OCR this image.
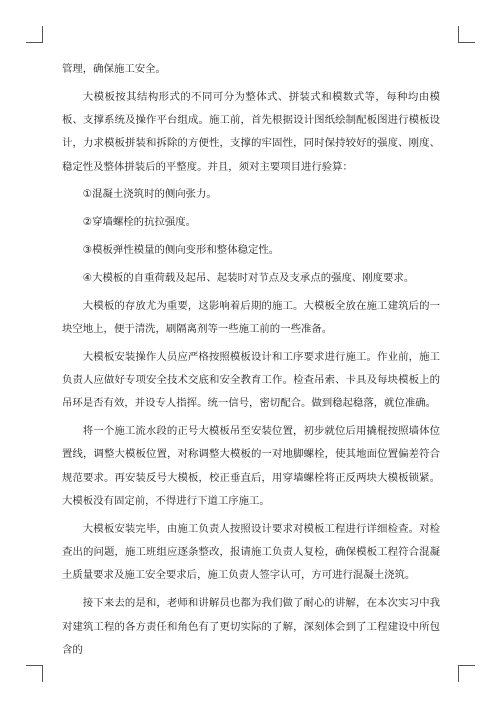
管理，确保施工安全。

大模板按其结构形式的不同可分为整体式、拼装式和模数式等，每种均由模板、支撑系统及操作平台组成。施工前，首先根据设计图纸绘制配板图进行模板设计，力求模板拼装和拆除的方便性，支撑的牢固性，同时保持较好的强度、刚度、稳定性及整体拼装后的平整度。并且，须对主要项目进行验算：

①混凝土浇筑时的侧向张力。

②穿墙螺栓的抗拉强度。

③模板弹性模量的侧向变形和整体稳定性。

④大模板的自重荷载及起吊、起装时对节点及支承点的强度、刚度要求。

大模板的存放尤为重要，这影响着后期的施工。大模板全放在施工建筑后的一块空地上，便于清洗，刷隔离剂等一些施工前的一些准备。

大模板安装操作人员应严格按照模板设计和工序要求进行施工。作业前，施工负责人应做好专项安全技术交底和安全教育工作。检查吊索、卡具及每块模板上的吊环是否有效，并设专人指挥。统一信号，密切配合。做到稳起稳落，就位准确。

将一个施工流水段的正号大模板吊至安装位置，初步就位后用撬棍按照墙体位置线，调整大模板位置，对称调整大模板的一对地脚螺栓，使其地面位置偏差符合规范要求。再安装反号大模板，校正垂直后，用穿墙螺栓将正反两块大模板锁紧。大模板没有固定前，不得进行下道工序施工。

大模板安装完毕，由施工负责人按照设计要求对模板工程进行详细检查。对检查出的问题，施工班组应逐条整改，报请施工负责人复检，确保模板工程符合混凝土质量要求及施工安全要求后，施工负责人签字认可，方可进行混凝土浇筑。

接下来去的是和，老师和讲解员也都为我们做了耐心的讲解，在本次实习中我对建筑工程的各方责任和角色有了更切实际的了解，深刻体会到了工程建设中所包含的
